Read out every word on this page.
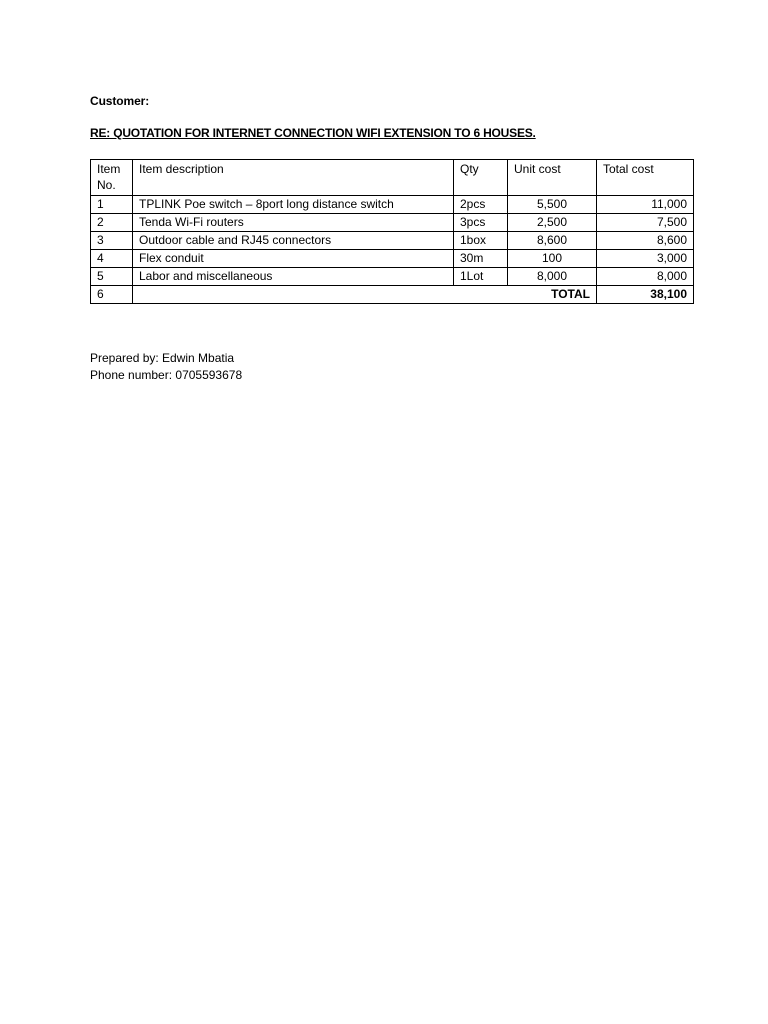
Customer:
RE: QUOTATION FOR INTERNET CONNECTION WIFI EXTENSION TO 6 HOUSES.
Item No.	Item description	Qty	Unit cost	Total cost
1	TPLINK Poe switch – 8port long distance switch	2pcs	5,500	11,000
2	Tenda Wi-Fi routers	3pcs	2,500	7,500
3	Outdoor cable and RJ45 connectors	1box	8,600	8,600
4	Flex conduit	30m	100	3,000
5	Labor and miscellaneous	1Lot	8,000	8,000
6	TOTAL			38,100
Prepared by: Edwin Mbatia
Phone number: 0705593678
